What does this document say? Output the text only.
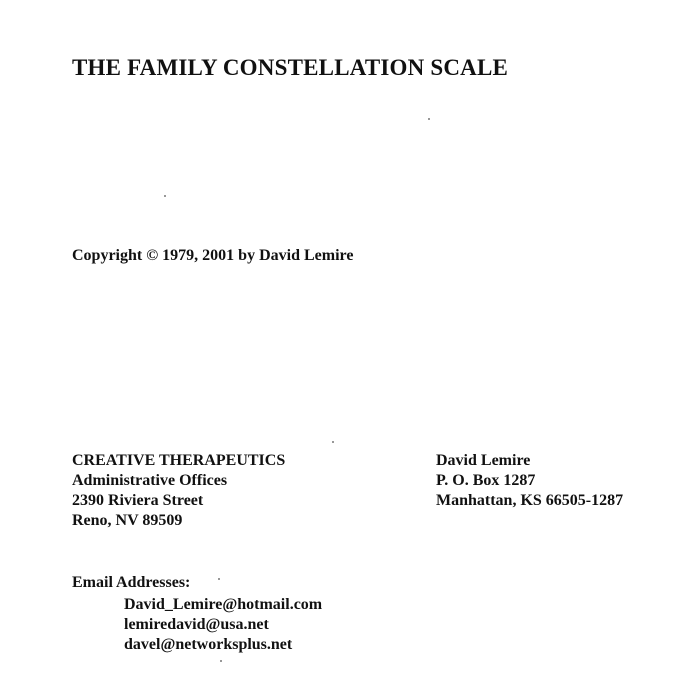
THE FAMILY CONSTELLATION SCALE
Copyright © 1979, 2001 by David Lemire
CREATIVE THERAPEUTICS
Administrative Offices
2390 Riviera Street
Reno, NV 89509
David Lemire
P. O. Box 1287
Manhattan, KS 66505-1287
Email Addresses:
David_Lemire@hotmail.com
lemiredavid@usa.net
davel@networksplus.net
